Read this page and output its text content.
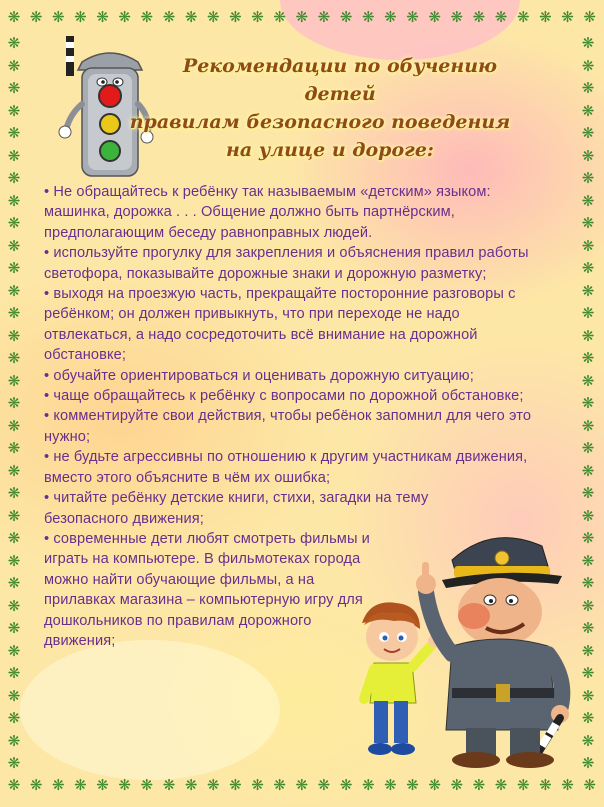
❋ ❋ ❋ ❋ ❋ ❋ ❋ ❋ ❋ ❋ ❋ ❋ ❋ ❋ ❋ ❋ ❋ ❋ ❋ ❋ ❋ ❋ ❋ ❋ ❋ ❋ ❋
❋ ❋ ❋ ❋ ❋ ❋ ❋ ❋ ❋ ❋ ❋ ❋ ❋ ❋ ❋ ❋ ❋ ❋ ❋ ❋ ❋ ❋ ❋ ❋ ❋ ❋ ❋
❋
❋
❋
❋
❋
❋
❋
❋
❋
❋
❋
❋
❋
❋
❋
❋
❋
❋
❋
❋
❋
❋
❋
❋
❋
❋
❋
❋
❋
❋
❋
❋
❋
❋
❋
❋
❋
❋
❋
❋
❋
❋
❋
❋
❋
❋
❋
❋
❋
❋
❋
❋
❋
❋
❋
❋
❋
❋
❋
❋
❋
❋
❋
❋
❋
❋
Рекомендации по обучению детей
правилам безопасного поведения
на улице и дороге:

• Не обращайтесь к ребёнку так называемым «детским» языком: машинка, дорожка . . . Общение должно быть партнёрским, предполагающим беседу равноправных людей.

• используйте прогулку для закрепления и объяснения правил работы светофора, показывайте дорожные знаки и дорожную разметку;

• выходя на проезжую часть, прекращайте посторонние разговоры с ребёнком; он должен привыкнуть, что при переходе не надо отвлекаться, а надо сосредоточить всё внимание на дорожной обстановке;

• обучайте ориентироваться и оценивать дорожную ситуацию;

• чаще обращайтесь к ребёнку с вопросами по дорожной обстановке;

• комментируйте свои действия, чтобы ребёнок запомнил для чего это нужно;

• не будьте агрессивны по отношению к другим участникам движения, вместо этого объясните в чём их ошибка;

• читайте ребёнку детские книги, стихи, загадки на тему безопасного движения;

• современные дети любят смотреть фильмы и играть на компьютере. В фильмотеках города можно найти обучающие фильмы, а на прилавках магазина – компьютерную игру для дошкольников по правилам дорожного движения;
